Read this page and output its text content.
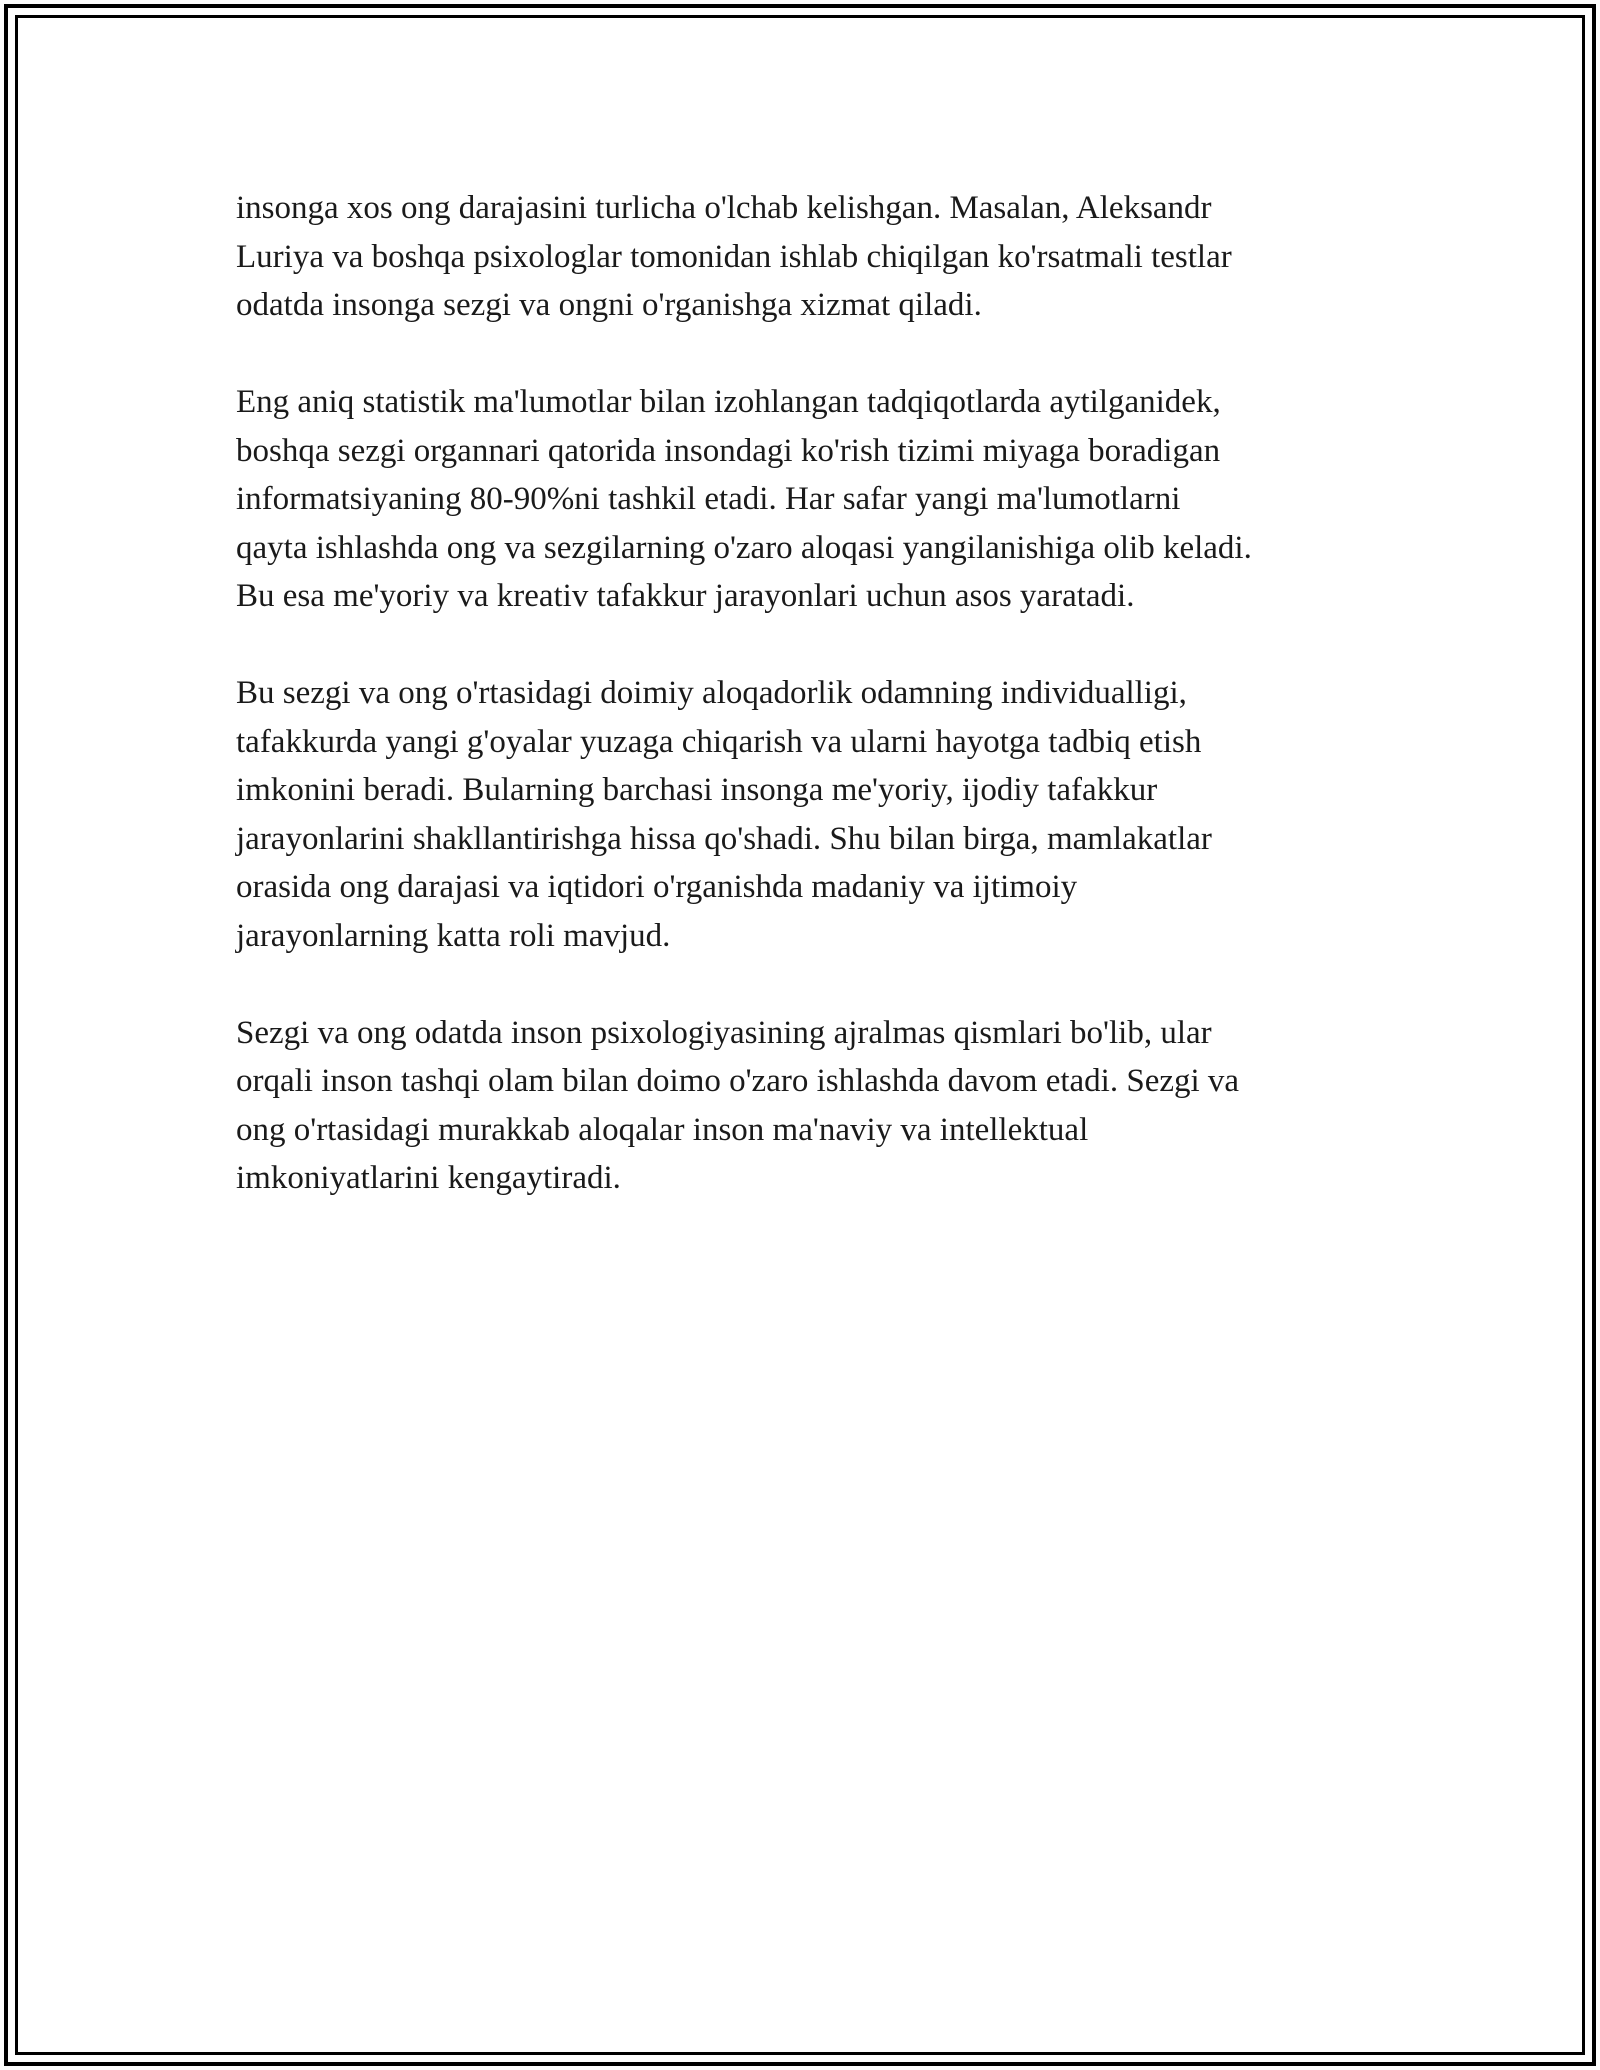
insonga xos ong darajasini turlicha o'lchab kelishgan. Masalan, Aleksandr
Luriya va boshqa psixologlar tomonidan ishlab chiqilgan ko'rsatmali testlar
odatda insonga sezgi va ongni o'rganishga xizmat qiladi.

Eng aniq statistik ma'lumotlar bilan izohlangan tadqiqotlarda aytilganidek,
boshqa sezgi organnari qatorida insondagi ko'rish tizimi miyaga boradigan
informatsiyaning 80-90%ni tashkil etadi. Har safar yangi ma'lumotlarni
qayta ishlashda ong va sezgilarning o'zaro aloqasi yangilanishiga olib keladi.
Bu esa me'yoriy va kreativ tafakkur jarayonlari uchun asos yaratadi.

Bu sezgi va ong o'rtasidagi doimiy aloqadorlik odamning individualligi,
tafakkurda yangi g'oyalar yuzaga chiqarish va ularni hayotga tadbiq etish
imkonini beradi. Bularning barchasi insonga me'yoriy, ijodiy tafakkur
jarayonlarini shakllantirishga hissa qo'shadi. Shu bilan birga, mamlakatlar
orasida ong darajasi va iqtidori o'rganishda madaniy va ijtimoiy
jarayonlarning katta roli mavjud.

Sezgi va ong odatda inson psixologiyasining ajralmas qismlari bo'lib, ular
orqali inson tashqi olam bilan doimo o'zaro ishlashda davom etadi. Sezgi va
ong o'rtasidagi murakkab aloqalar inson ma'naviy va intellektual
imkoniyatlarini kengaytiradi.
